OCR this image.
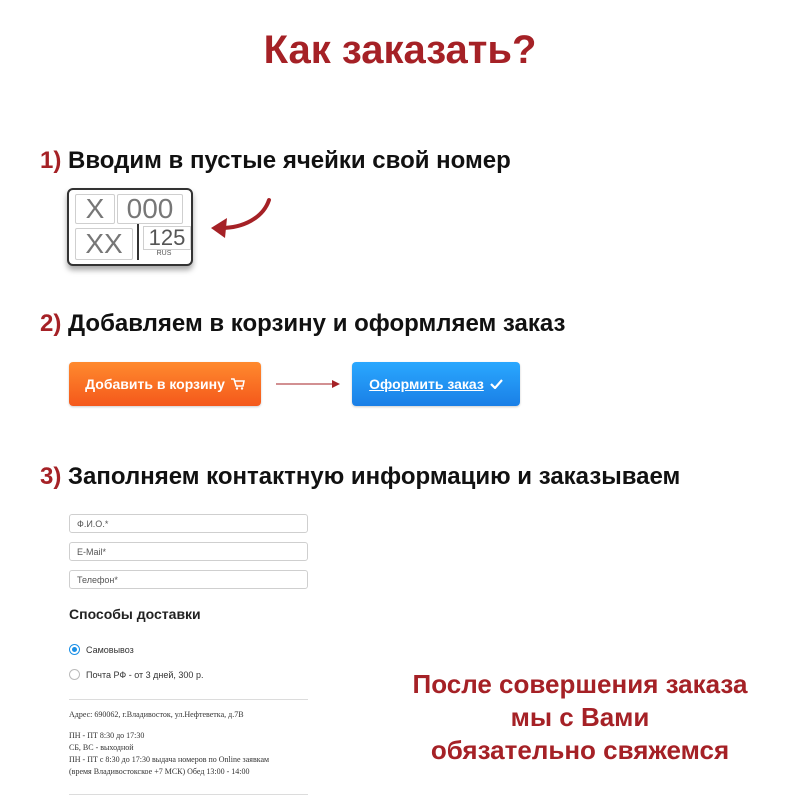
Как заказать?
1) Вводим в пустые ячейки свой номер
X 000
XX	125
RUS
2) Добавляем в корзину и оформляем заказ
Добавить в корзину	Оформить заказ
3) Заполняем контактную информацию и заказываем
Ф.И.О.*
E-Mail*
Телефон*
Способы доставки
Самовывоз
Почта РФ - от 3 дней, 300 р.
Адрес: 690062, г.Владивосток, ул.Нефтеветка, д.7В
ПН - ПТ 8:30 до 17:30
СБ, ВС - выходной
ПН - ПТ с 8:30 до 17:30 выдача номеров по Online заявкам
(время Владивостокское +7 МСК) Обед 13:00 - 14:00
После совершения заказа
мы с Вами
обязательно свяжемся
